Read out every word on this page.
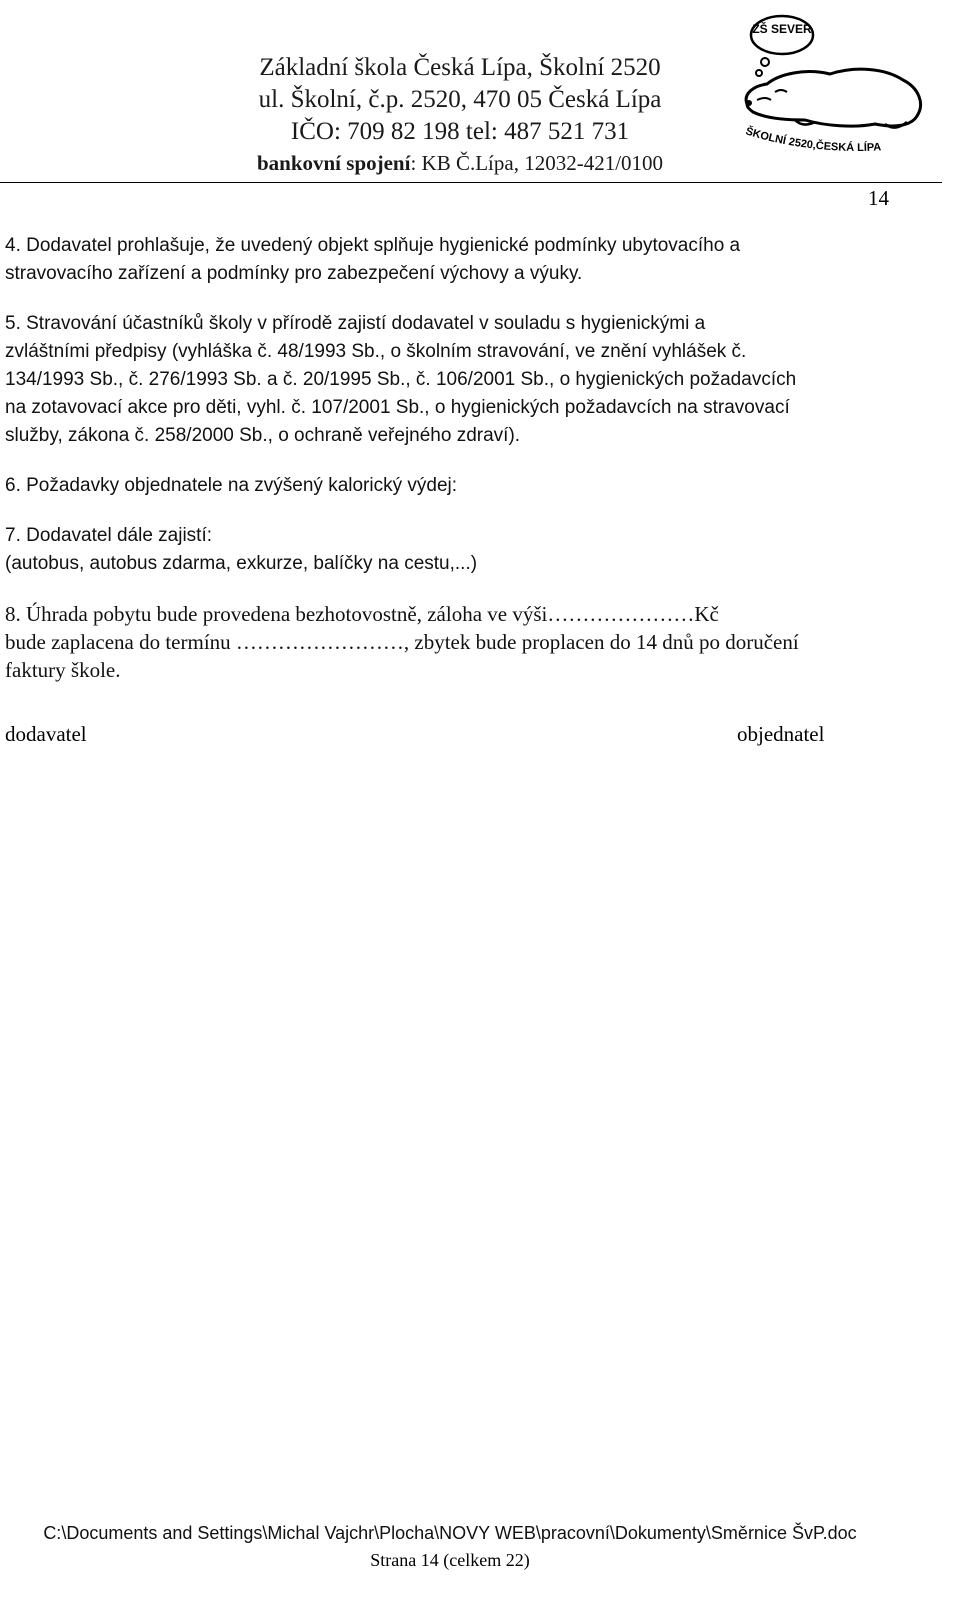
Základní škola Česká Lípa, Školní 2520
ul. Školní, č.p. 2520, 470 05 Česká Lípa
IČO: 709 82 198 tel: 487 521 731
bankovní spojení: KB Č.Lípa, 12032-421/0100
ZŠ SEVER
ŠKOLNÍ 2520,ČESKÁ LÍPA
14

4. Dodavatel prohlašuje, že uvedený objekt splňuje hygienické podmínky ubytovacího a

stravovacího zařízení a podmínky pro zabezpečení výchovy a výuky.

5. Stravování účastníků školy v přírodě zajistí dodavatel v souladu s hygienickými a

zvláštními předpisy (vyhláška č. 48/1993 Sb., o školním stravování, ve znění vyhlášek č.

134/1993 Sb., č. 276/1993 Sb. a č. 20/1995 Sb., č. 106/2001 Sb., o hygienických požadavcích

na zotavovací akce pro děti, vyhl. č. 107/2001 Sb., o hygienických požadavcích na stravovací

služby, zákona č. 258/2000 Sb., o ochraně veřejného zdraví).

6. Požadavky objednatele na zvýšený kalorický výdej:

7. Dodavatel dále zajistí:

(autobus, autobus zdarma, exkurze, balíčky na cestu,...)

8. Úhrada pobytu bude provedena bezhotovostně, záloha ve výši…………………Kč

bude zaplacena do termínu ……………………, zbytek bude proplacen do 14 dnů po doručení

faktury škole.

dodavatel	objednatel
C:\Documents and Settings\Michal Vajchr\Plocha\NOVY WEB\pracovní\Dokumenty\Směrnice ŠvP.doc
Strana 14 (celkem 22)
